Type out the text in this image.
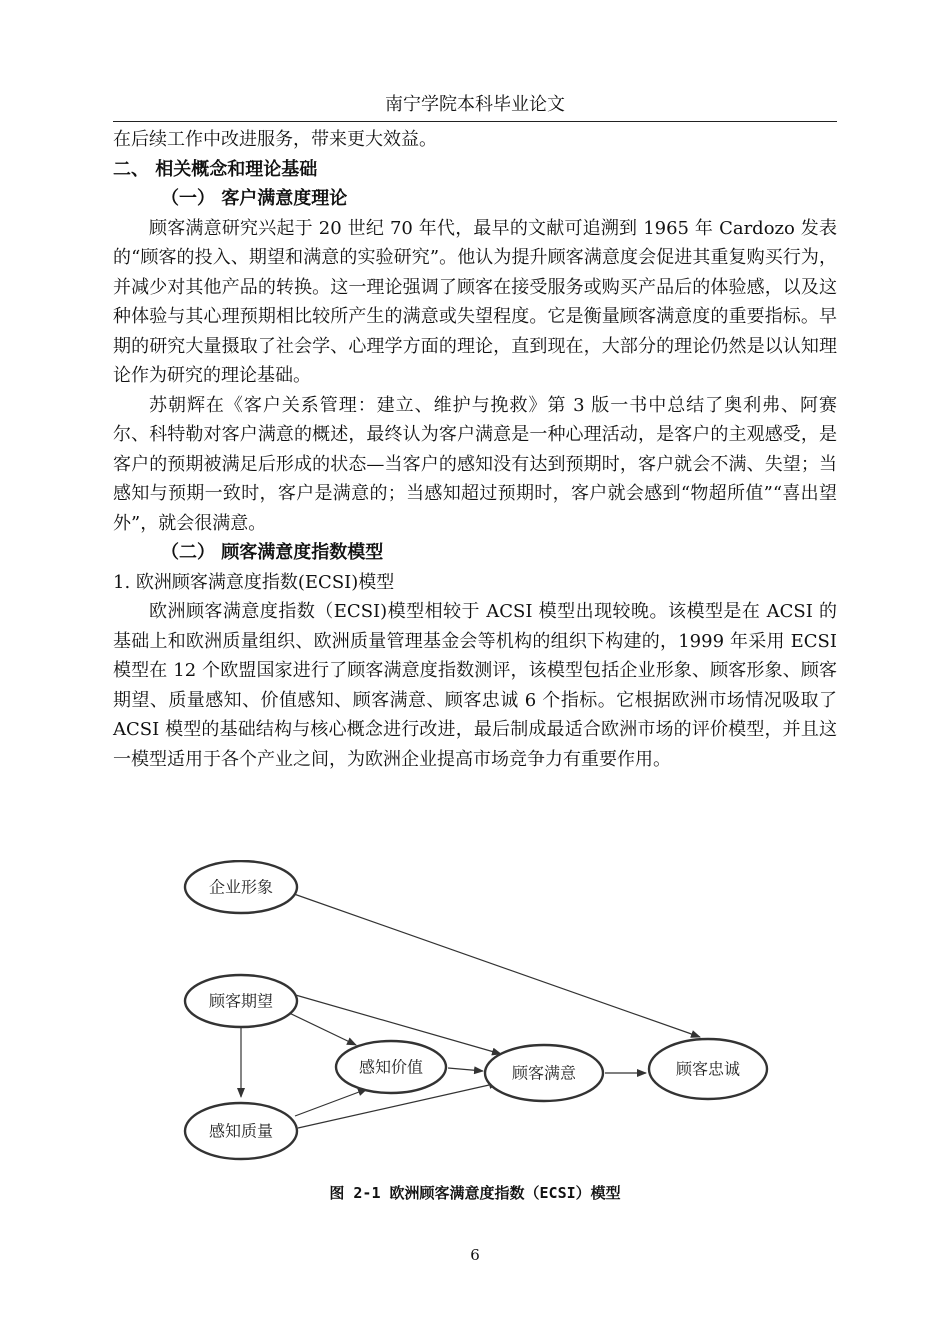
南宁学院本科毕业论文

在后续工作中改进服务，带来更大效益。

二、 相关概念和理论基础

（一） 客户满意度理论

顾客满意研究兴起于 20 世纪 70 年代，最早的文献可追溯到 1965 年 Cardozo 发表的“顾客的投入、期望和满意的实验研究”。他认为提升顾客满意度会促进其重复购买行为，并减少对其他产品的转换。这一理论强调了顾客在接受服务或购买产品后的体验感，以及这种体验与其心理预期相比较所产生的满意或失望程度。它是衡量顾客满意度的重要指标。早期的研究大量摄取了社会学、心理学方面的理论，直到现在，大部分的理论仍然是以认知理论作为研究的理论基础。

苏朝辉在《客户关系管理：建立、维护与挽救》第 3 版一书中总结了奥利弗、阿赛尔、科特勒对客户满意的概述，最终认为客户满意是一种心理活动，是客户的主观感受，是客户的预期被满足后形成的状态—当客户的感知没有达到预期时，客户就会不满、失望；当感知与预期一致时，客户是满意的；当感知超过预期时，客户就会感到“物超所值”“喜出望外”，就会很满意。

（二） 顾客满意度指数模型

1. 欧洲顾客满意度指数(ECSI)模型

欧洲顾客满意度指数（ECSI)模型相较于 ACSI 模型出现较晚。该模型是在 ACSI 的基础上和欧洲质量组织、欧洲质量管理基金会等机构的组织下构建的，1999 年采用 ECSI 模型在 12 个欧盟国家进行了顾客满意度指数测评，该模型包括企业形象、顾客形象、顾客期望、质量感知、价值感知、顾客满意、顾客忠诚 6 个指标。它根据欧洲市场情况吸取了 ACSI 模型的基础结构与核心概念进行改进，最后制成最适合欧洲市场的评价模型，并且这一模型适用于各个产业之间，为欧洲企业提高市场竞争力有重要作用。

企业形象
顾客期望
感知价值	顾客满意	顾客忠诚
感知质量
图 2-1 欧洲顾客满意度指数（ECSI）模型
6
